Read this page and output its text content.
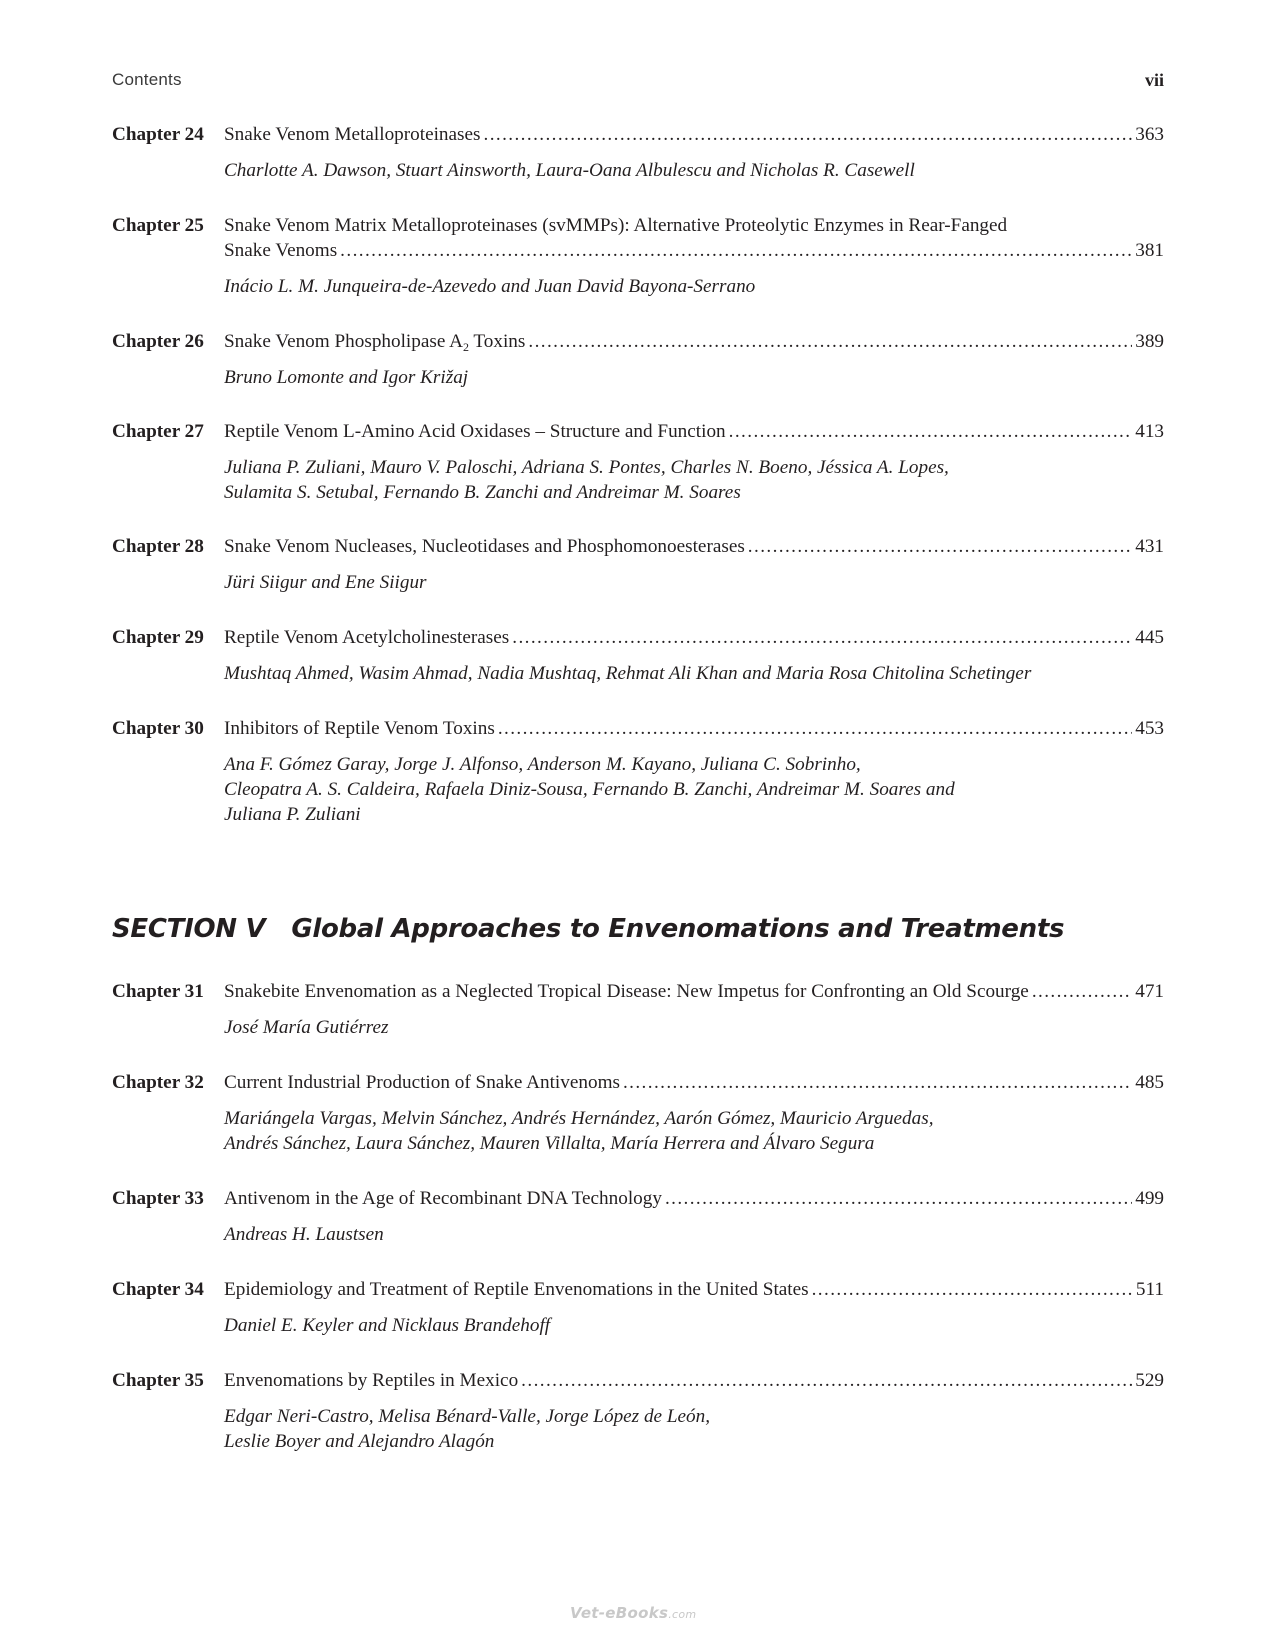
Contents	vii
Chapter 24 Snake Venom Metalloproteinases .....	363
Charlotte A. Dawson, Stuart Ainsworth, Laura-Oana Albulescu and Nicholas R. Casewell
Chapter 25 Snake Venom Matrix Metalloproteinases (svMMPs): Alternative Proteolytic Enzymes in Rear-Fanged
Snake Venoms .....	381
Inácio L. M. Junqueira-de-Azevedo and Juan David Bayona-Serrano
Chapter 26 Snake Venom Phospholipase $A_2$ Toxins .....	389
Bruno Lomonte and Igor Križaj
Chapter 27 Reptile Venom L-Amino Acid Oxidases – Structure and Function .....	413
Juliana P. Zuliani, Mauro V. Paloschi, Adriana S. Pontes, Charles N. Boeno, Jéssica A. Lopes,
Sulamita S. Setubal, Fernando B. Zanchi and Andreimar M. Soares
Chapter 28 Snake Venom Nucleases, Nucleotidases and Phosphomonoesterases .....	431
Jüri Siigur and Ene Siigur
Chapter 29 Reptile Venom Acetylcholinesterases .....	445
Mushtaq Ahmed, Wasim Ahmad, Nadia Mushtaq, Rehmat Ali Khan and Maria Rosa Chitolina Schetinger
Chapter 30 Inhibitors of Reptile Venom Toxins .....	453
Ana F. Gómez Garay, Jorge J. Alfonso, Anderson M. Kayano, Juliana C. Sobrinho,
Cleopatra A. S. Caldeira, Rafaela Diniz-Sousa, Fernando B. Zanchi, Andreimar M. Soares and
Juliana P. Zuliani
SECTION V Global Approaches to Envenomations and Treatments
Chapter 31 Snakebite Envenomation as a Neglected Tropical Disease: New Impetus for Confronting an Old Scourge .....	471
José María Gutiérrez
Chapter 32 Current Industrial Production of Snake Antivenoms .....	485
Mariángela Vargas, Melvin Sánchez, Andrés Hernández, Aarón Gómez, Mauricio Arguedas,
Andrés Sánchez, Laura Sánchez, Mauren Villalta, María Herrera and Álvaro Segura
Chapter 33 Antivenom in the Age of Recombinant DNA Technology .....	499
Andreas H. Laustsen
Chapter 34 Epidemiology and Treatment of Reptile Envenomations in the United States .....	511
Daniel E. Keyler and Nicklaus Brandehoff
Chapter 35 Envenomations by Reptiles in Mexico .....	529
Edgar Neri-Castro, Melisa Bénard-Valle, Jorge López de León,
Leslie Boyer and Alejandro Alagón
Vet-eBooks.com
